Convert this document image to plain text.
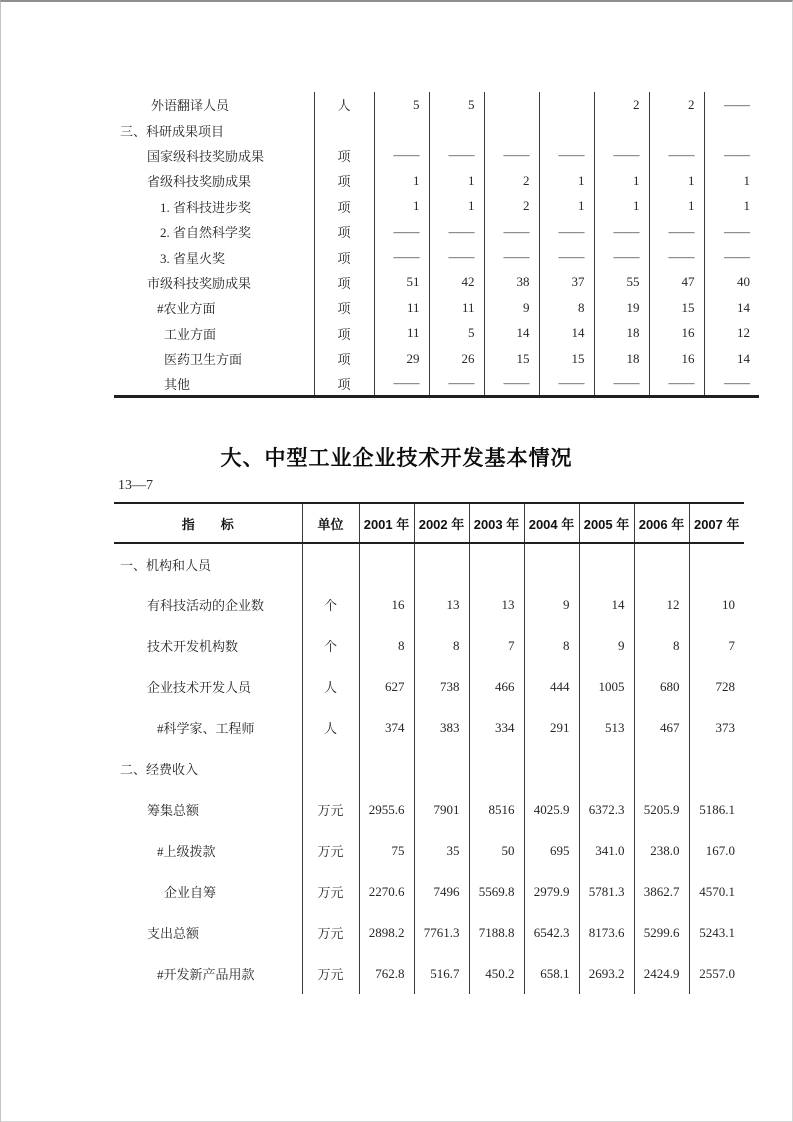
外语翻译人员	人	5	5			2	2	——
三、科研成果项目								
国家级科技奖励成果	项	——	——	——	——	——	——	——
省级科技奖励成果	项	1	1	2	1	1	1	1
1. 省科技进步奖	项	1	1	2	1	1	1	1
2. 省自然科学奖	项	——	——	——	——	——	——	——
3. 省星火奖	项	——	——	——	——	——	——	——
市级科技奖励成果	项	51	42	38	37	55	47	40
#农业方面	项	11	11	9	8	19	15	14
工业方面	项	11	5	14	14	18	16	12
医药卫生方面	项	29	26	15	15	18	16	14
其他	项	——	——	——	——	——	——	——
大、中型工业企业技术开发基本情况
13—7
指　　标	单位	2001 年	2002 年	2003 年	2004 年	2005 年	2006 年	2007 年
一、机构和人员								
有科技活动的企业数	个	16	13	13	9	14	12	10
技术开发机构数	个	8	8	7	8	9	8	7
企业技术开发人员	人	627	738	466	444	1005	680	728
#科学家、工程师	人	374	383	334	291	513	467	373
二、经费收入								
筹集总额	万元	2955.6	7901	8516	4025.9	6372.3	5205.9	5186.1
#上级拨款	万元	75	35	50	695	341.0	238.0	167.0
企业自筹	万元	2270.6	7496	5569.8	2979.9	5781.3	3862.7	4570.1
支出总额	万元	2898.2	7761.3	7188.8	6542.3	8173.6	5299.6	5243.1
#开发新产品用款	万元	762.8	516.7	450.2	658.1	2693.2	2424.9	2557.0
